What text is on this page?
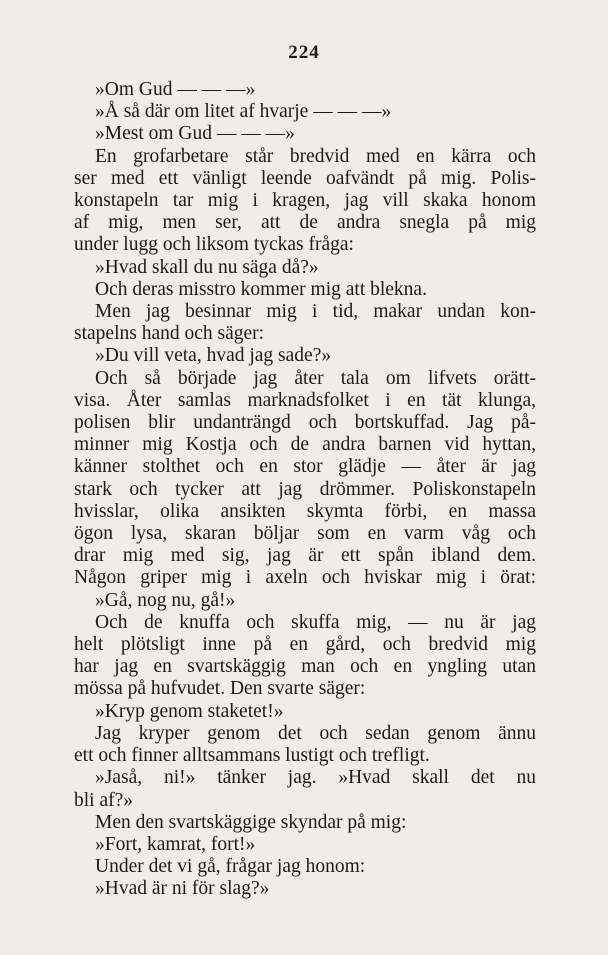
224
»Om Gud — — —»
»Å så där om litet af hvarje — — —»
»Mest om Gud — — —»
En grofarbetare står bredvid med en kärra och
ser med ett vänligt leende oafvändt på mig. Polis-
konstapeln tar mig i kragen, jag vill skaka honom
af mig, men ser, att de andra snegla på mig
under lugg och liksom tyckas fråga:
»Hvad skall du nu säga då?»
Och deras misstro kommer mig att blekna.
Men jag besinnar mig i tid, makar undan kon-
stapelns hand och säger:
»Du vill veta, hvad jag sade?»
Och så började jag åter tala om lifvets orätt-
visa. Åter samlas marknadsfolket i en tät klunga,
polisen blir undanträngd och bortskuffad. Jag på-
minner mig Kostja och de andra barnen vid hyttan,
känner stolthet och en stor glädje — åter är jag
stark och tycker att jag drömmer. Poliskonstapeln
hvisslar, olika ansikten skymta förbi, en massa
ögon lysa, skaran böljar som en varm våg och
drar mig med sig, jag är ett spån ibland dem.
Någon griper mig i axeln och hviskar mig i örat:
»Gå, nog nu, gå!»
Och de knuffa och skuffa mig, — nu är jag
helt plötsligt inne på en gård, och bredvid mig
har jag en svartskäggig man och en yngling utan
mössa på hufvudet. Den svarte säger:
»Kryp genom staketet!»
Jag kryper genom det och sedan genom ännu
ett och finner alltsammans lustigt och trefligt.
»Jaså, ni!» tänker jag. »Hvad skall det nu
bli af?»
Men den svartskäggige skyndar på mig:
»Fort, kamrat, fort!»
Under det vi gå, frågar jag honom:
»Hvad är ni för slag?»
